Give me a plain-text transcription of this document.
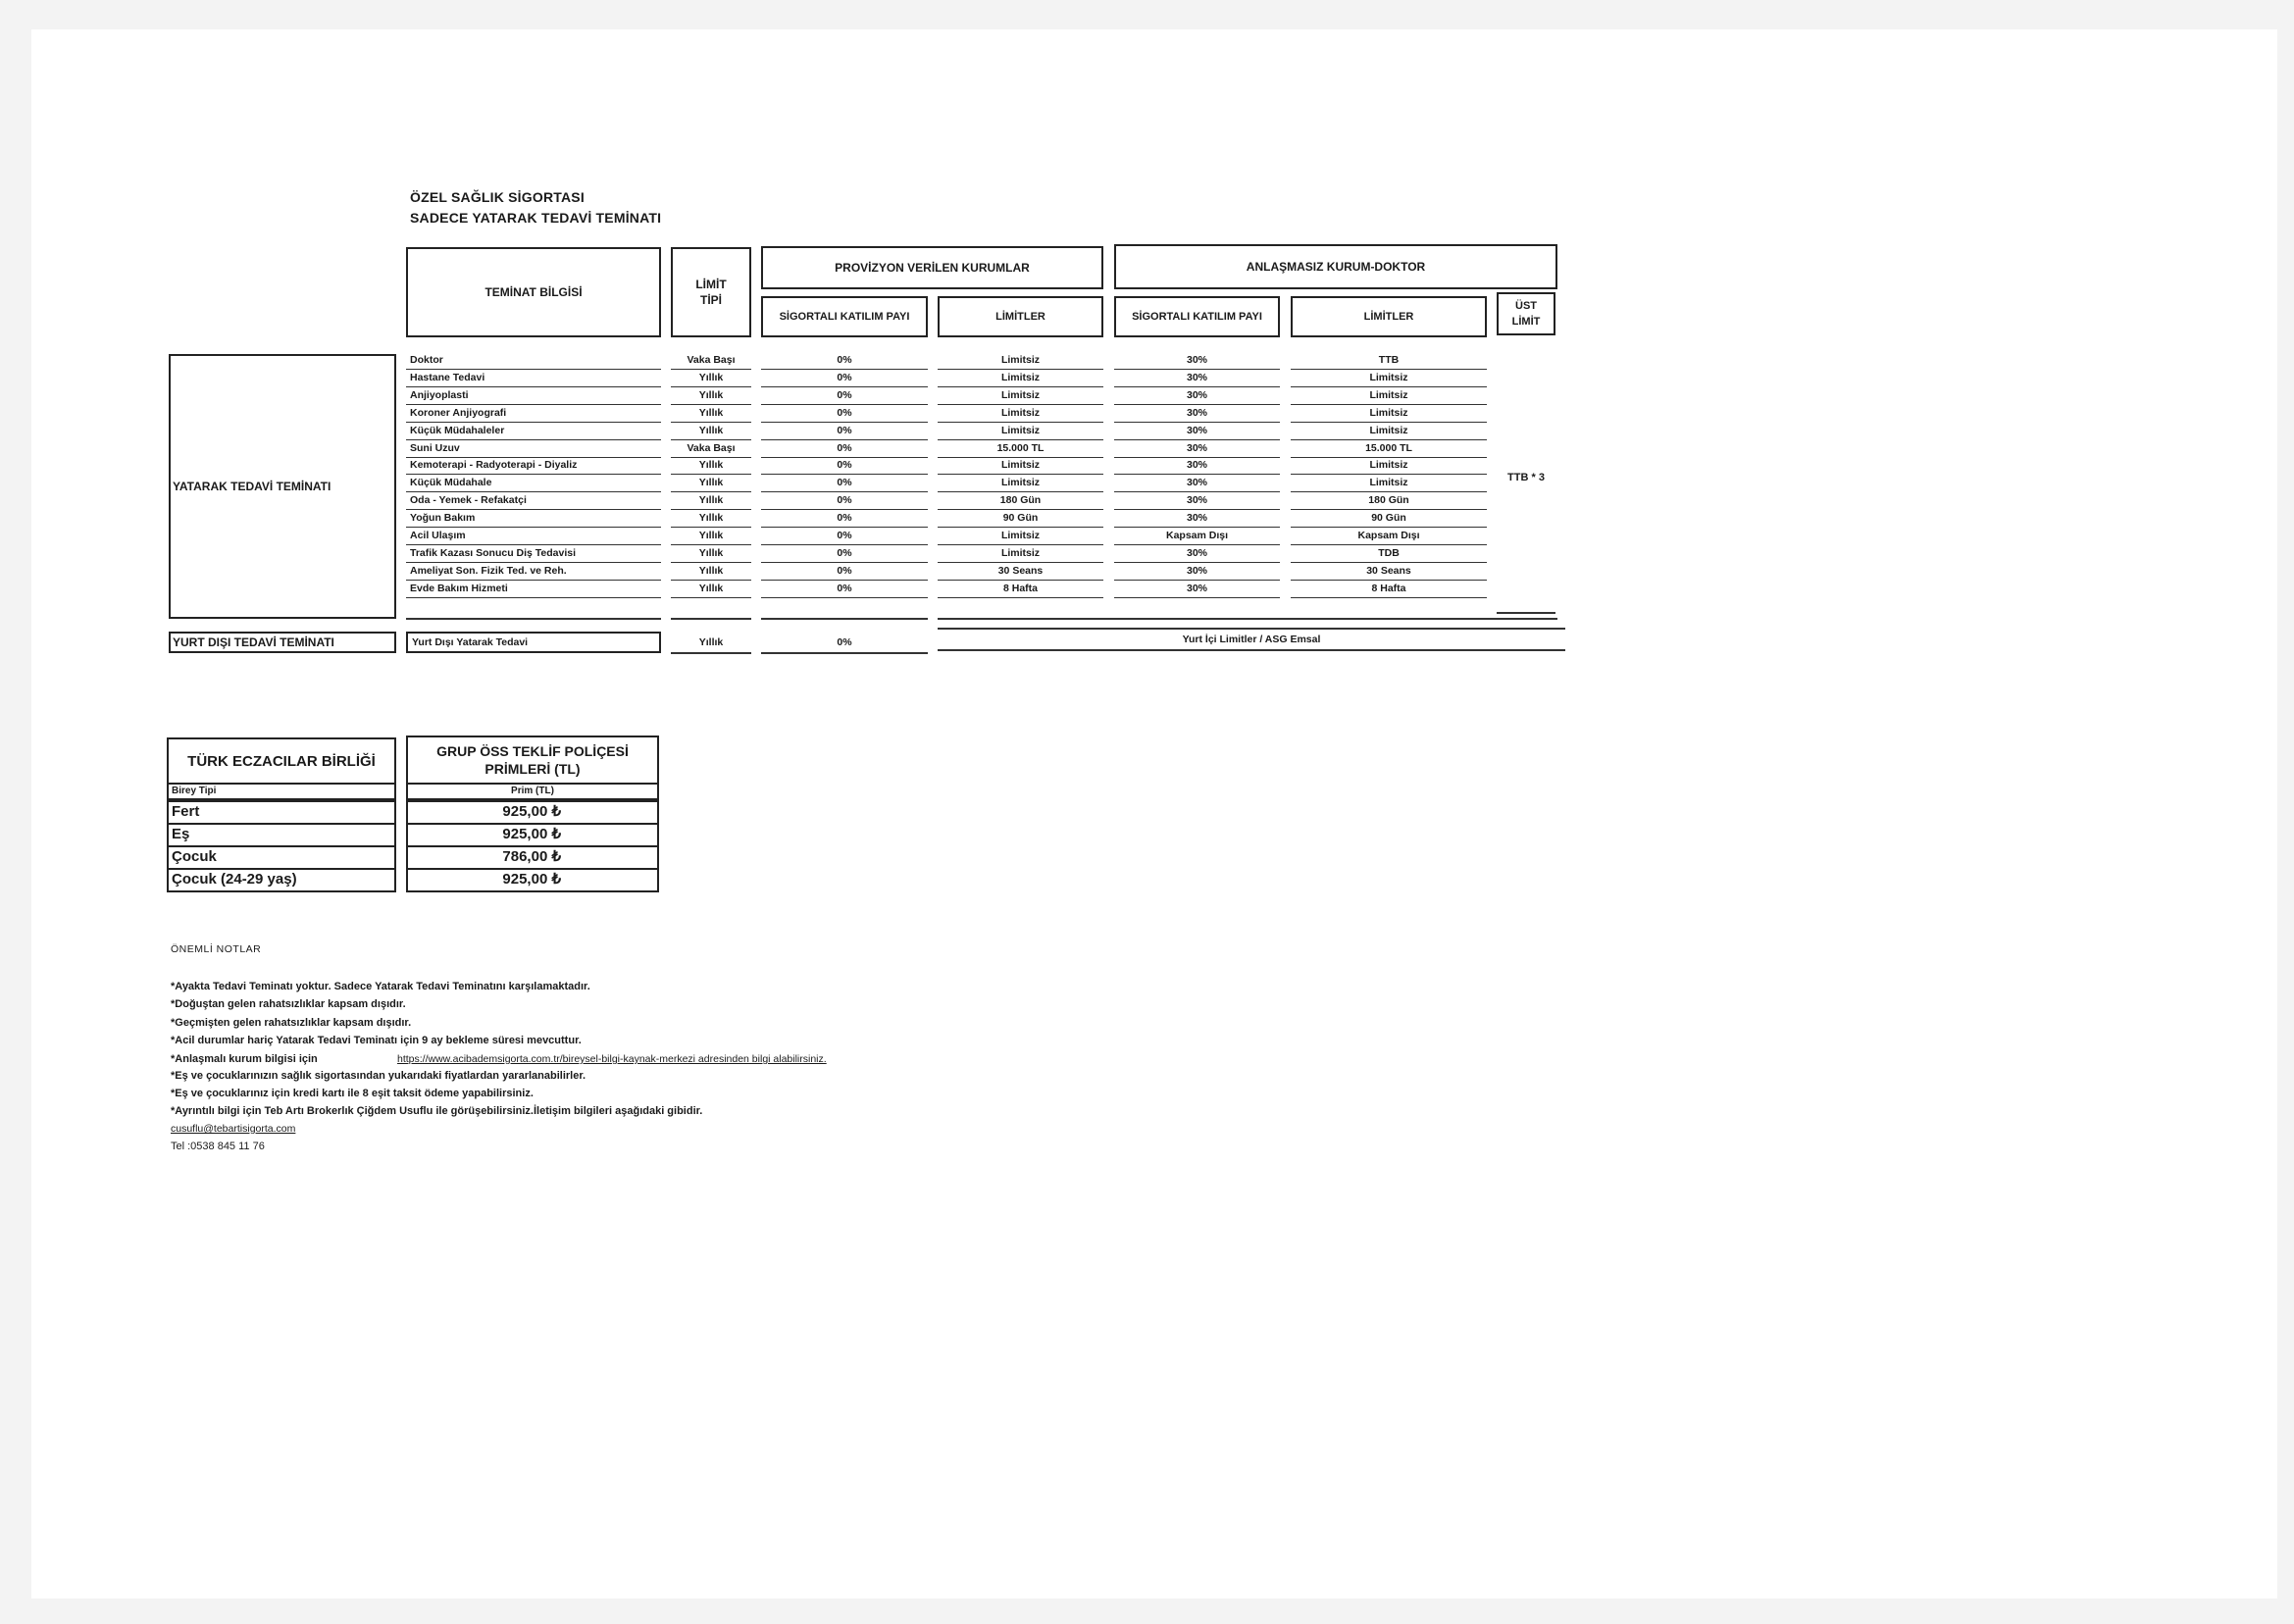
ÖZEL SAĞLIK SİGORTASI
SADECE YATARAK TEDAVİ TEMİNATI
TEMİNAT BİLGİSİ
LİMİT TİPİ
PROVİZYON VERİLEN KURUMLAR	ANLAŞMASIZ KURUM-DOKTOR
SİGORTALI KATILIM PAYI	LİMİTLER	SİGORTALI KATILIM PAYI	LİMİTLER
ÜST LİMİT
YATARAK TEDAVİ TEMİNATI
Doktor	Vaka Başı	0%	Limitsiz	30%	TTB
Hastane Tedavi	Yıllık	0%	Limitsiz	30%	Limitsiz
Anjiyoplasti	Yıllık	0%	Limitsiz	30%	Limitsiz
Koroner Anjiyografi	Yıllık	0%	Limitsiz	30%	Limitsiz
Küçük Müdahaleler	Yıllık	0%	Limitsiz	30%	Limitsiz
Suni Uzuv	Vaka Başı	0%	15.000 TL	30%	15.000 TL
Kemoterapi - Radyoterapi - Diyaliz	Yıllık	0%	Limitsiz	30%	Limitsiz
Küçük Müdahale	Yıllık	0%	Limitsiz	30%	Limitsiz
Oda - Yemek - Refakatçi	Yıllık	0%	180 Gün	30%	180 Gün
Yoğun Bakım	Yıllık	0%	90 Gün	30%	90 Gün
Acil Ulaşım	Yıllık	0%	Limitsiz	Kapsam Dışı	Kapsam Dışı
Trafik Kazası Sonucu Diş Tedavisi	Yıllık	0%	Limitsiz	30%	TDB
Ameliyat Son. Fizik Ted. ve Reh.	Yıllık	0%	30 Seans	30%	30 Seans
Evde Bakım Hizmeti	Yıllık	0%	8 Hafta	30%	8 Hafta
TTB * 3
YURT DIŞI TEDAVİ TEMİNATI	Yurt Dışı Yatarak Tedavi	Yıllık	0%	Yurt İçi Limitler / ASG Emsal
TÜRK ECZACILAR BİRLİĞİ
GRUP ÖSS TEKLİF POLİÇESİ PRİMLERİ (TL)
Birey Tipi	Prim (TL)
Fert	925,00 ₺
Eş	925,00 ₺
Çocuk	786,00 ₺
Çocuk (24-29 yaş)	925,00 ₺
ÖNEMLİ NOTLAR
*Ayakta Tedavi Teminatı yoktur. Sadece Yatarak Tedavi Teminatını karşılamaktadır.
*Doğuştan gelen rahatsızlıklar kapsam dışıdır.
*Geçmişten gelen rahatsızlıklar kapsam dışıdır.
*Acil durumlar hariç Yatarak Tedavi Teminatı için 9 ay bekleme süresi mevcuttur.
*Anlaşmalı kurum bilgisi için	https://www.acibademsigorta.com.tr/bireysel-bilgi-kaynak-merkezi adresinden bilgi alabilirsiniz.
*Eş ve çocuklarınızın sağlık sigortasından yukarıdaki fiyatlardan yararlanabilirler.
*Eş ve çocuklarınız için kredi kartı ile 8 eşit taksit ödeme yapabilirsiniz.
*Ayrıntılı bilgi için Teb Artı Brokerlık Çiğdem Usuflu ile görüşebilirsiniz.İletişim bilgileri aşağıdaki gibidir.
cusuflu@tebartisigorta.com
Tel :0538 845 11 76
